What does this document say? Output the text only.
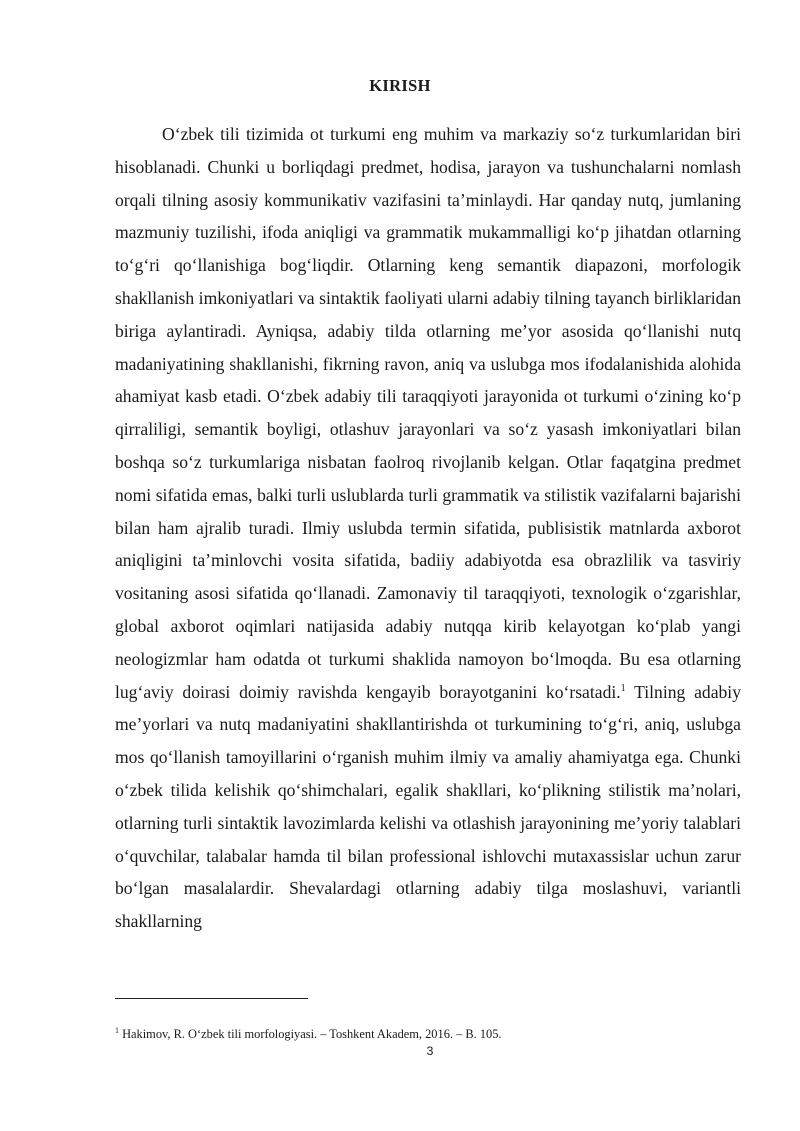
KIRISH

Oʻzbek tili tizimida ot turkumi eng muhim va markaziy soʻz turkumlaridan biri hisoblanadi. Chunki u borliqdagi predmet, hodisa, jarayon va tushunchalarni nomlash orqali tilning asosiy kommunikativ vazifasini taʼminlaydi. Har qanday nutq, jumlaning mazmuniy tuzilishi, ifoda aniqligi va grammatik mukammalligi koʻp jihatdan otlarning toʻgʻri qoʻllanishiga bogʻliqdir. Otlarning keng semantik diapazoni, morfologik shakllanish imkoniyatlari va sintaktik faoliyati ularni adabiy tilning tayanch birliklaridan biriga aylantiradi. Ayniqsa, adabiy tilda otlarning meʼyor asosida qoʻllanishi nutq madaniyatining shakllanishi, fikrning ravon, aniq va uslubga mos ifodalanishida alohida ahamiyat kasb etadi. Oʻzbek adabiy tili taraqqiyoti jarayonida ot turkumi oʻzining koʻp qirraliligi, semantik boyligi, otlashuv jarayonlari va soʻz yasash imkoniyatlari bilan boshqa soʻz turkumlariga nisbatan faolroq rivojlanib kelgan. Otlar faqatgina predmet nomi sifatida emas, balki turli uslublarda turli grammatik va stilistik vazifalarni bajarishi bilan ham ajralib turadi. Ilmiy uslubda termin sifatida, publisistik matnlarda axborot aniqligini taʼminlovchi vosita sifatida, badiiy adabiyotda esa obrazlilik va tasviriy vositaning asosi sifatida qoʻllanadi. Zamonaviy til taraqqiyoti, texnologik oʻzgarishlar, global axborot oqimlari natijasida adabiy nutqqa kirib kelayotgan koʻplab yangi neologizmlar ham odatda ot turkumi shaklida namoyon boʻlmoqda. Bu esa otlarning lugʻaviy doirasi doimiy ravishda kengayib borayotganini koʻrsatadi.$^1$ Tilning adabiy meʼyorlari va nutq madaniyatini shakllantirishda ot turkumining toʻgʻri, aniq, uslubga mos qoʻllanish tamoyillarini oʻrganish muhim ilmiy va amaliy ahamiyatga ega. Chunki oʻzbek tilida kelishik qoʻshimchalari, egalik shakllari, koʻplikning stilistik maʼnolari, otlarning turli sintaktik lavozimlarda kelishi va otlashish jarayonining meʼyoriy talablari oʻquvchilar, talabalar hamda til bilan professional ishlovchi mutaxassislar uchun zarur boʻlgan masalalardir. Shevalardagi otlarning adabiy tilga moslashuvi, variantli shakllarning

$^1$ Hakimov, R. Oʻzbek tili morfologiyasi. – Toshkent Akadem, 2016. – B. 105.

3
